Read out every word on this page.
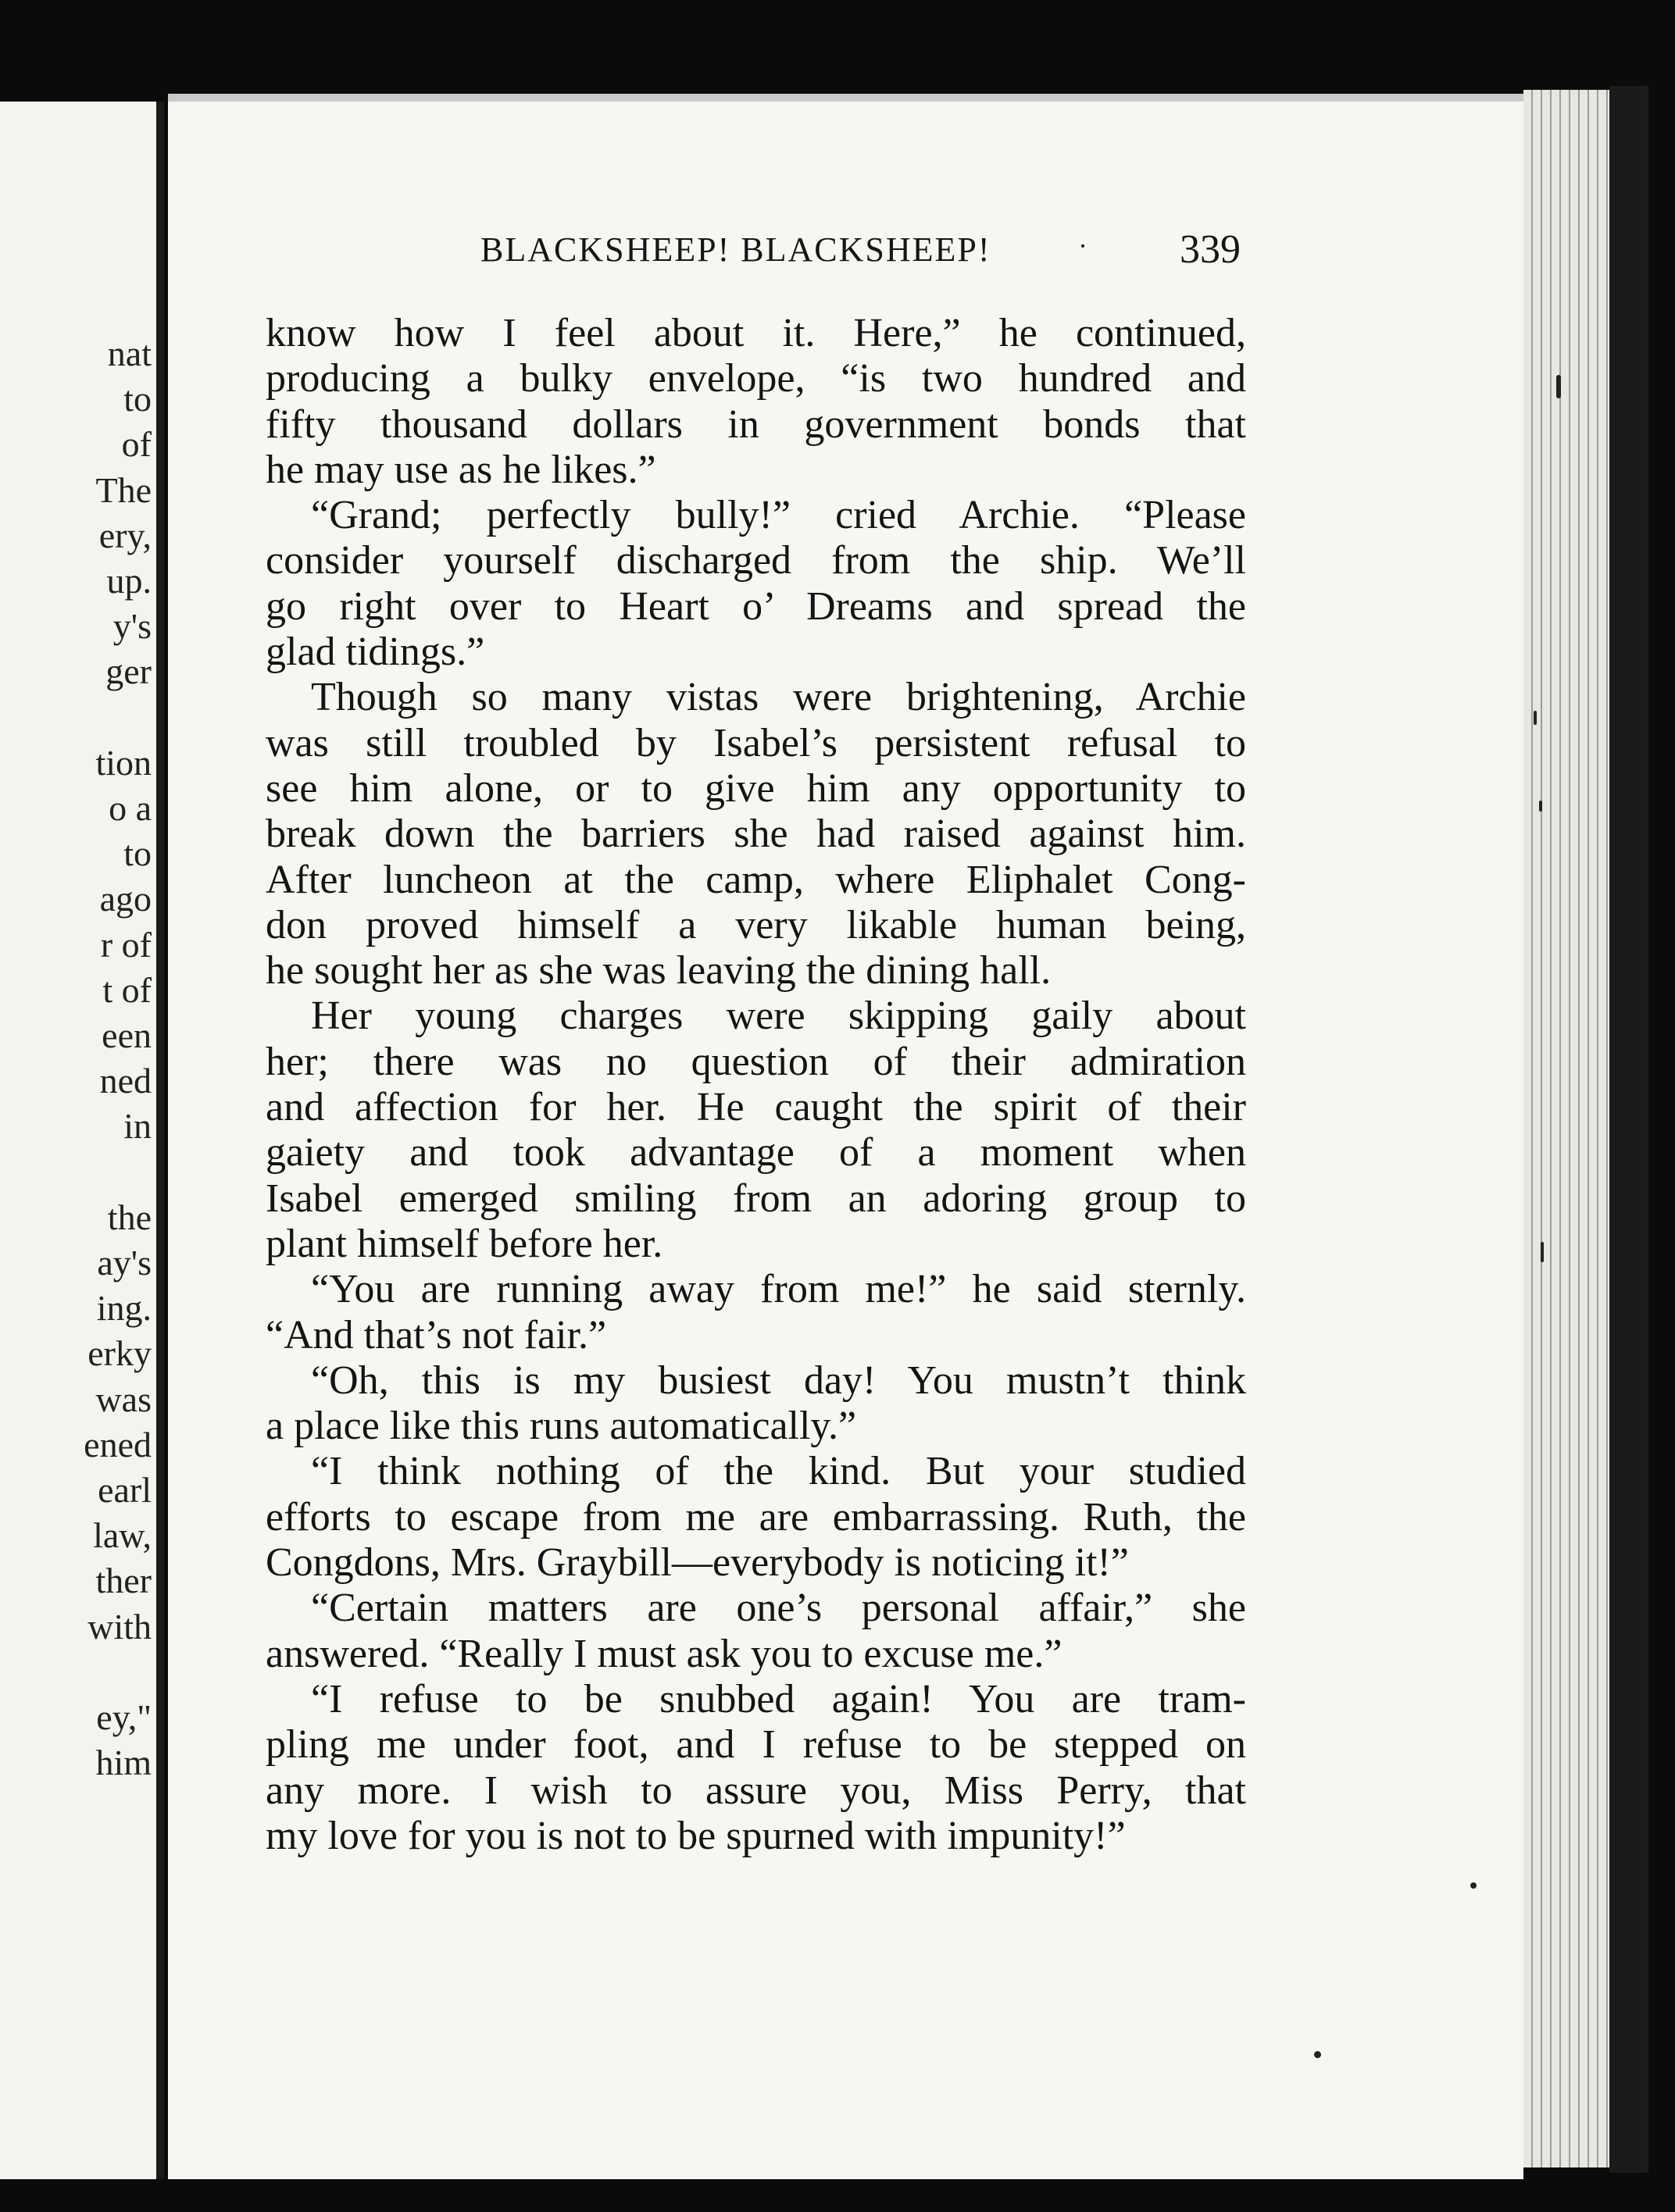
nat
to
of
The
ery,
up.
y's
ger
tion
o a
to
ago
r of
t of
een
ned
in
the
ay's
ing.
erky
was
ened
earl
law,
ther
with
ey,"
him
BLACKSHEEP! BLACKSHEEP!	· 339
know how I feel about it. Here,” he continued,
producing a bulky envelope, “is two hundred and
fifty thousand dollars in government bonds that
he may use as he likes.”
“Grand; perfectly bully!” cried Archie. “Please
consider yourself discharged from the ship. We’ll
go right over to Heart o’ Dreams and spread the
glad tidings.”
Though so many vistas were brightening, Archie
was still troubled by Isabel’s persistent refusal to
see him alone, or to give him any opportunity to
break down the barriers she had raised against him.
After luncheon at the camp, where Eliphalet Cong-
don proved himself a very likable human being,
he sought her as she was leaving the dining hall.
Her young charges were skipping gaily about
her; there was no question of their admiration
and affection for her. He caught the spirit of their
gaiety and took advantage of a moment when
Isabel emerged smiling from an adoring group to
plant himself before her.
“You are running away from me!” he said sternly.
“And that’s not fair.”
“Oh, this is my busiest day! You mustn’t think
a place like this runs automatically.”
“I think nothing of the kind. But your studied
efforts to escape from me are embarrassing. Ruth, the
Congdons, Mrs. Graybill—everybody is noticing it!”
“Certain matters are one’s personal affair,” she
answered. “Really I must ask you to excuse me.”
“I refuse to be snubbed again! You are tram-
pling me under foot, and I refuse to be stepped on
any more. I wish to assure you, Miss Perry, that
my love for you is not to be spurned with impunity!”
